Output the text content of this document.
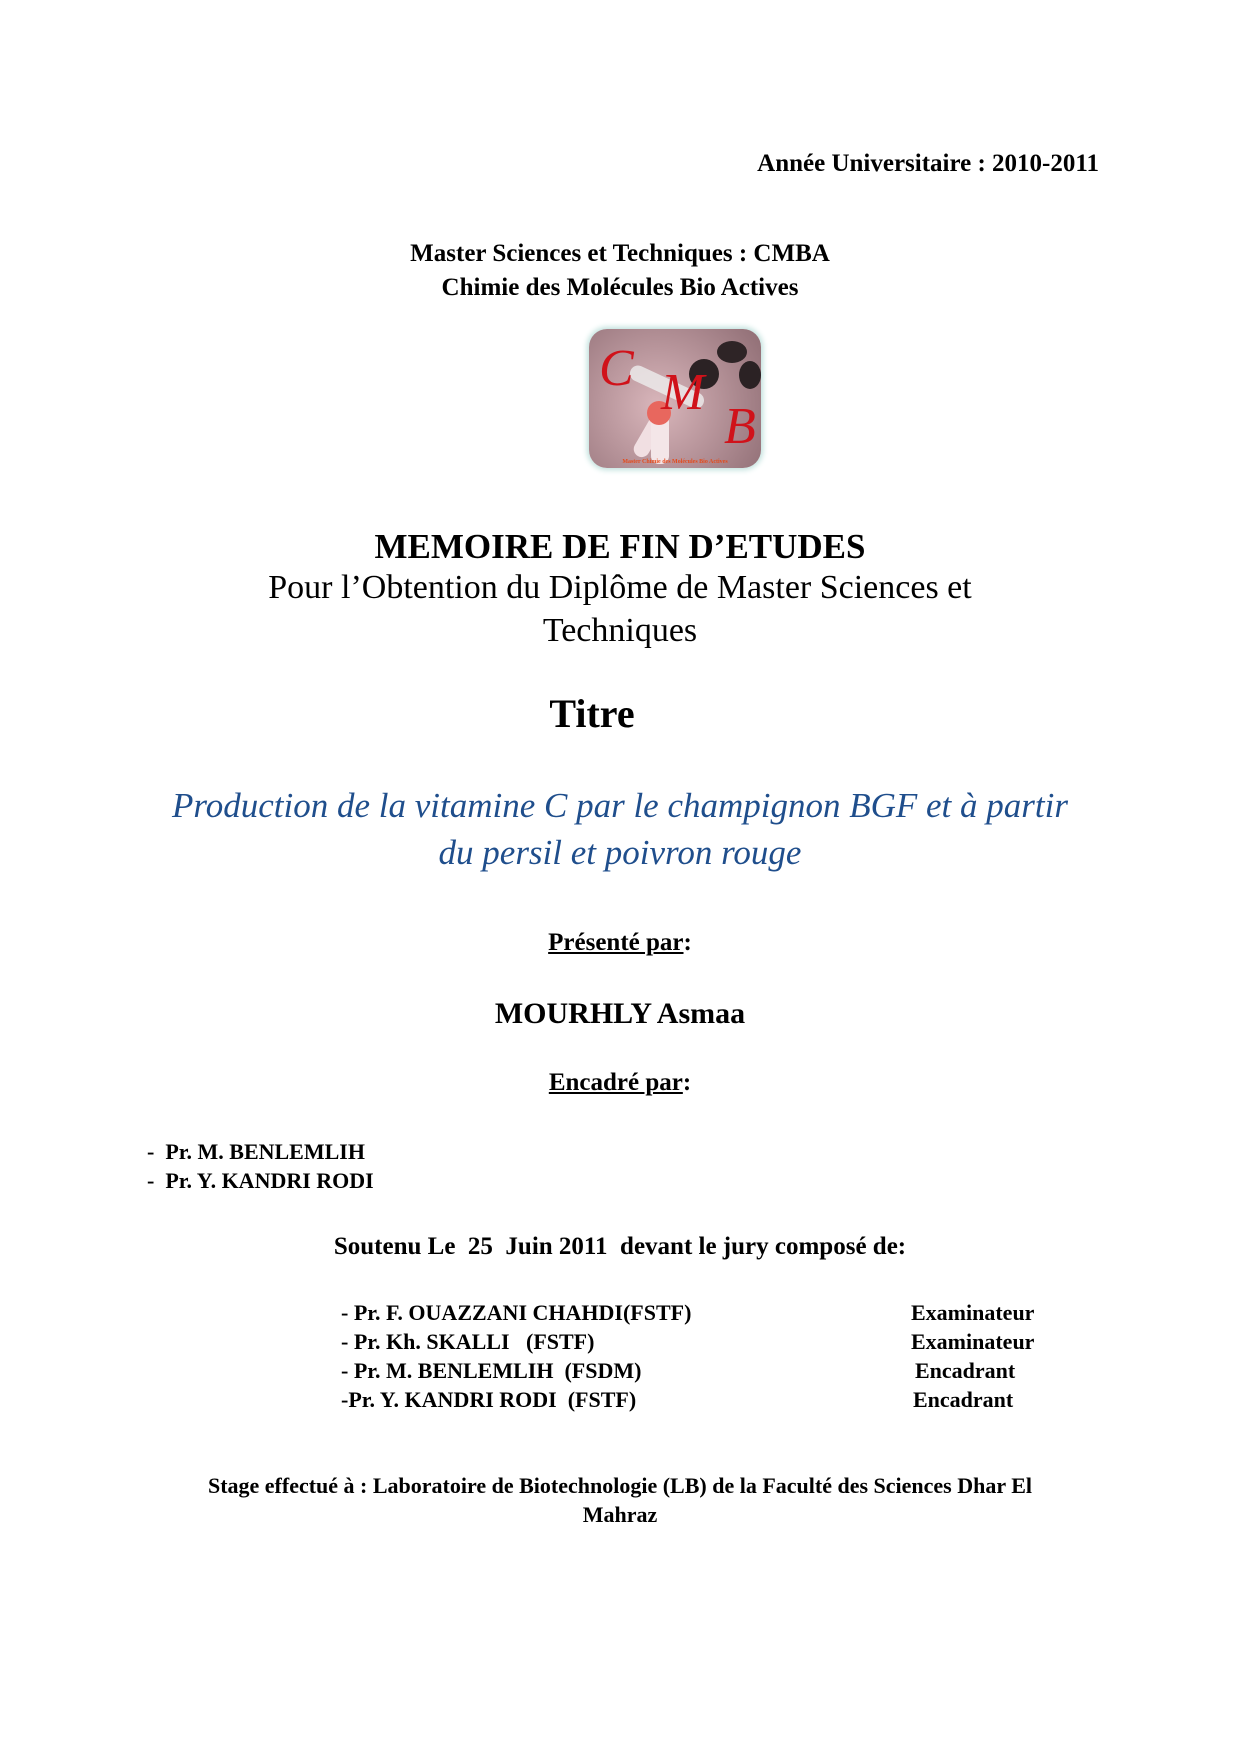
Année Universitaire : 2010-2011
Master Sciences et Techniques : CMBA
Chimie des Molécules Bio Actives
C M
B
Master Chimie des Molécules Bio Actives
MEMOIRE DE FIN D’ETUDES
Pour l’Obtention du Diplôme de Master Sciences et
Techniques
Titre
Production de la vitamine C par le champignon BGF et à partir
du persil et poivron rouge
Présenté par:
MOURHLY Asmaa
Encadré par:
-  Pr. M. BENLEMLIH
-  Pr. Y. KANDRI RODI
Soutenu Le  25  Juin 2011  devant le jury composé de:
- Pr. F. OUAZZANI CHAHDI(FSTF)	Examinateur
- Pr. Kh. SKALLI   (FSTF)	Examinateur
- Pr. M. BENLEMLIH  (FSDM)	Encadrant
-Pr. Y. KANDRI RODI  (FSTF)	Encadrant
Stage effectué à : Laboratoire de Biotechnologie (LB) de la Faculté des Sciences Dhar El
Mahraz
